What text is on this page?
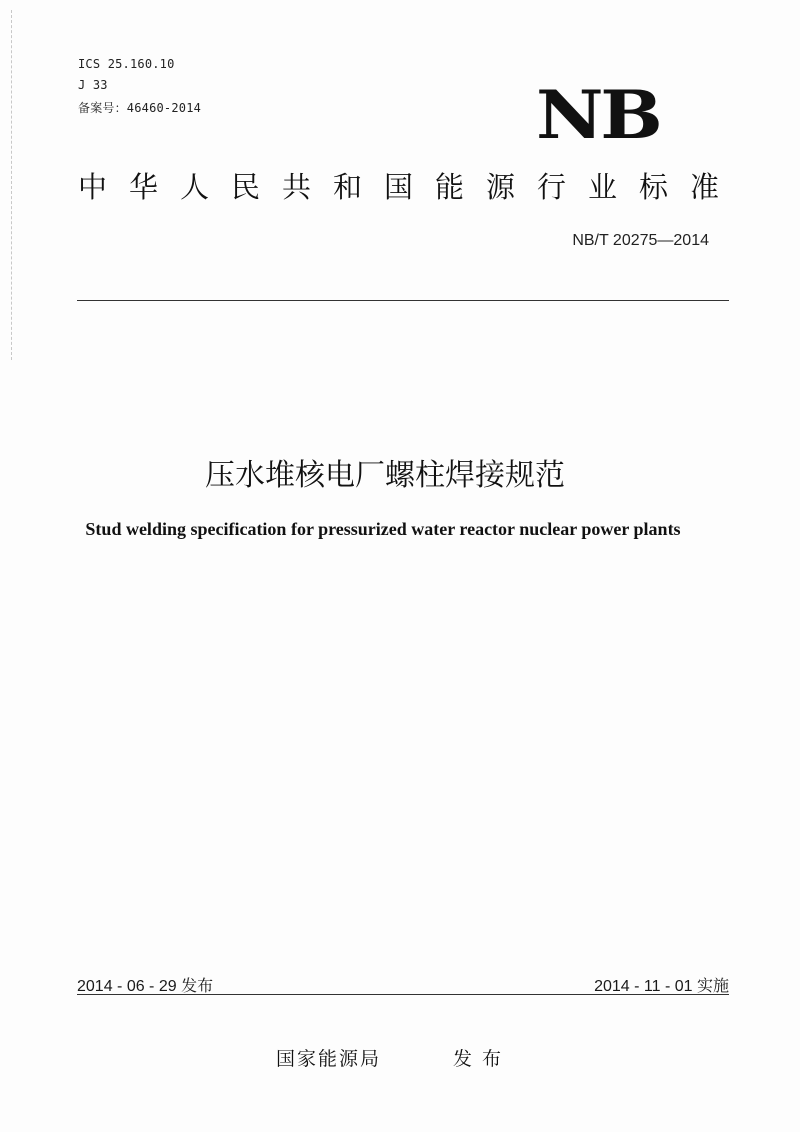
ICS 25.160.10
J 33
备案号：46460-2014	NB
中 华 人 民 共 和 国 能 源 行 业 标 准
NB/T 20275—2014
压水堆核电厂螺柱焊接规范
Stud welding specification for pressurized water reactor nuclear power plants
2014 - 06 - 29 发布	2014 - 11 - 01 实施
国家能源局	发布
